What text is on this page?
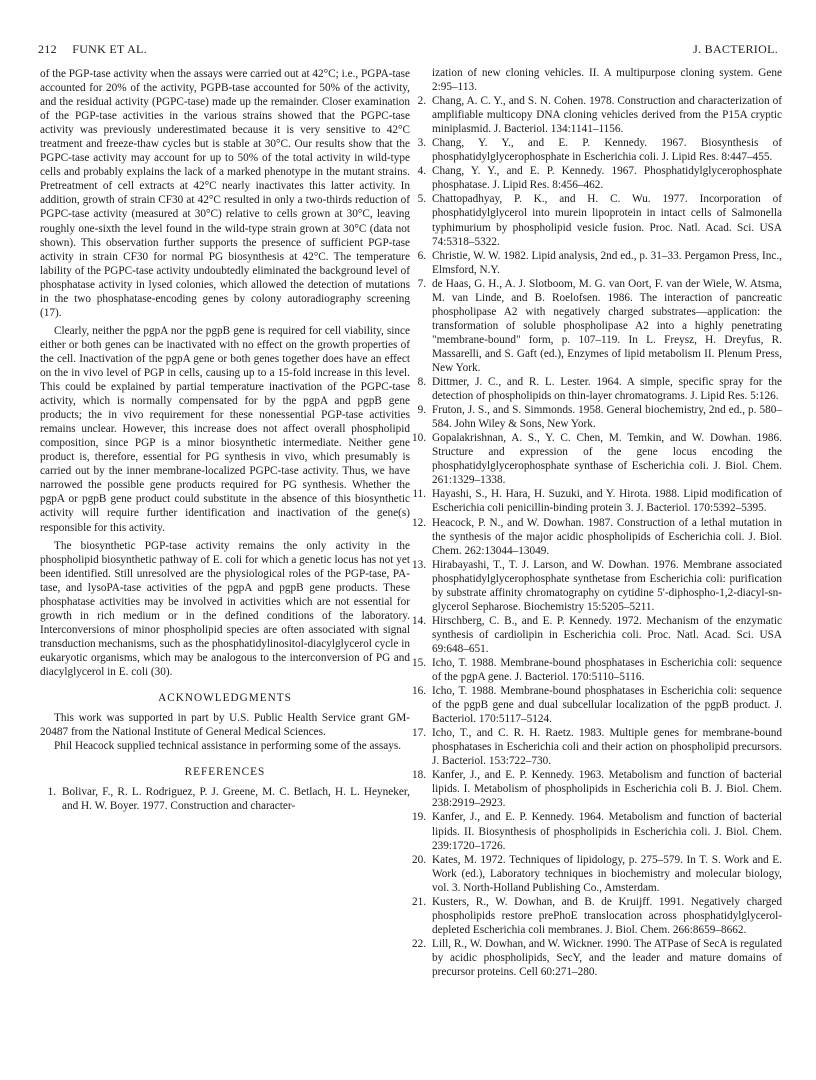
212 FUNK ET AL.	J. BACTERIOL.

of the PGP-tase activity when the assays were carried out at 42°C; i.e., PGPA-tase accounted for 20% of the activity, PGPB-tase accounted for 50% of the activity, and the residual activity (PGPC-tase) made up the remainder. Closer examination of the PGP-tase activities in the various strains showed that the PGPC-tase activity was previously underestimated because it is very sensitive to 42°C treatment and freeze-thaw cycles but is stable at 30°C. Our results show that the PGPC-tase activity may account for up to 50% of the total activity in wild-type cells and probably explains the lack of a marked phenotype in the mutant strains. Pretreatment of cell extracts at 42°C nearly inactivates this latter activity. In addition, growth of strain CF30 at 42°C resulted in only a two-thirds reduction of PGPC-tase activity (measured at 30°C) relative to cells grown at 30°C, leaving roughly one-sixth the level found in the wild-type strain grown at 30°C (data not shown). This observation further supports the presence of sufficient PGP-tase activity in strain CF30 for normal PG biosynthesis at 42°C. The temperature lability of the PGPC-tase activity undoubtedly eliminated the background level of phosphatase activity in lysed colonies, which allowed the detection of mutations in the two phosphatase-encoding genes by colony autoradiography screening (17).

Clearly, neither the pgpA nor the pgpB gene is required for cell viability, since either or both genes can be inactivated with no effect on the growth properties of the cell. Inactivation of the pgpA gene or both genes together does have an effect on the in vivo level of PGP in cells, causing up to a 15-fold increase in this level. This could be explained by partial temperature inactivation of the PGPC-tase activity, which is normally compensated for by the pgpA and pgpB gene products; the in vivo requirement for these nonessential PGP-tase activities remains unclear. However, this increase does not affect overall phospholipid composition, since PGP is a minor biosynthetic intermediate. Neither gene product is, therefore, essential for PG synthesis in vivo, which presumably is carried out by the inner membrane-localized PGPC-tase activity. Thus, we have narrowed the possible gene products required for PG synthesis. Whether the pgpA or pgpB gene product could substitute in the absence of this biosynthetic activity will require further identification and inactivation of the gene(s) responsible for this activity.

The biosynthetic PGP-tase activity remains the only activity in the phospholipid biosynthetic pathway of E. coli for which a genetic locus has not yet been identified. Still unresolved are the physiological roles of the PGP-tase, PA-tase, and lysoPA-tase activities of the pgpA and pgpB gene products. These phosphatase activities may be involved in activities which are not essential for growth in rich medium or in the defined conditions of the laboratory. Interconversions of minor phospholipid species are often associated with signal transduction mechanisms, such as the phosphatidylinositol-diacylglycerol cycle in eukaryotic organisms, which may be analogous to the interconversion of PG and diacylglycerol in E. coli (30).

ACKNOWLEDGMENTS

This work was supported in part by U.S. Public Health Service grant GM-20487 from the National Institute of General Medical Sciences.

Phil Heacock supplied technical assistance in performing some of the assays.

REFERENCES
1. Bolivar, F., R. L. Rodriguez, P. J. Greene, M. C. Betlach, H. L. Heyneker, and H. W. Boyer. 1977. Construction and character-

ization of new cloning vehicles. II. A multipurpose cloning system. Gene 2:95–113.

2. Chang, A. C. Y., and S. N. Cohen. 1978. Construction and characterization of amplifiable multicopy DNA cloning vehicles derived from the P15A cryptic miniplasmid. J. Bacteriol. 134:1141–1156.
3. Chang, Y. Y., and E. P. Kennedy. 1967. Biosynthesis of phosphatidylglycerophosphate in Escherichia coli. J. Lipid Res. 8:447–455.
4. Chang, Y. Y., and E. P. Kennedy. 1967. Phosphatidylglycerophosphate phosphatase. J. Lipid Res. 8:456–462.
5. Chattopadhyay, P. K., and H. C. Wu. 1977. Incorporation of phosphatidylglycerol into murein lipoprotein in intact cells of Salmonella typhimurium by phospholipid vesicle fusion. Proc. Natl. Acad. Sci. USA 74:5318–5322.
6. Christie, W. W. 1982. Lipid analysis, 2nd ed., p. 31–33. Pergamon Press, Inc., Elmsford, N.Y.
7. de Haas, G. H., A. J. Slotboom, M. G. van Oort, F. van der Wiele, W. Atsma, M. van Linde, and B. Roelofsen. 1986. The interaction of pancreatic phospholipase A2 with negatively charged substrates—application: the transformation of soluble phospholipase A2 into a highly penetrating "membrane-bound" form, p. 107–119. In L. Freysz, H. Dreyfus, R. Massarelli, and S. Gaft (ed.), Enzymes of lipid metabolism II. Plenum Press, New York.
8. Dittmer, J. C., and R. L. Lester. 1964. A simple, specific spray for the detection of phospholipids on thin-layer chromatograms. J. Lipid Res. 5:126.
9. Fruton, J. S., and S. Simmonds. 1958. General biochemistry, 2nd ed., p. 580–584. John Wiley & Sons, New York.
10. Gopalakrishnan, A. S., Y. C. Chen, M. Temkin, and W. Dowhan. 1986. Structure and expression of the gene locus encoding the phosphatidylglycerophosphate synthase of Escherichia coli. J. Biol. Chem. 261:1329–1338.
11. Hayashi, S., H. Hara, H. Suzuki, and Y. Hirota. 1988. Lipid modification of Escherichia coli penicillin-binding protein 3. J. Bacteriol. 170:5392–5395.
12. Heacock, P. N., and W. Dowhan. 1987. Construction of a lethal mutation in the synthesis of the major acidic phospholipids of Escherichia coli. J. Biol. Chem. 262:13044–13049.
13. Hirabayashi, T., T. J. Larson, and W. Dowhan. 1976. Membrane associated phosphatidylglycerophosphate synthetase from Escherichia coli: purification by substrate affinity chromatography on cytidine 5'-diphospho-1,2-diacyl-sn-glycerol Sepharose. Biochemistry 15:5205–5211.
14. Hirschberg, C. B., and E. P. Kennedy. 1972. Mechanism of the enzymatic synthesis of cardiolipin in Escherichia coli. Proc. Natl. Acad. Sci. USA 69:648–651.
15. Icho, T. 1988. Membrane-bound phosphatases in Escherichia coli: sequence of the pgpA gene. J. Bacteriol. 170:5110–5116.
16. Icho, T. 1988. Membrane-bound phosphatases in Escherichia coli: sequence of the pgpB gene and dual subcellular localization of the pgpB product. J. Bacteriol. 170:5117–5124.
17. Icho, T., and C. R. H. Raetz. 1983. Multiple genes for membrane-bound phosphatases in Escherichia coli and their action on phospholipid precursors. J. Bacteriol. 153:722–730.
18. Kanfer, J., and E. P. Kennedy. 1963. Metabolism and function of bacterial lipids. I. Metabolism of phospholipids in Escherichia coli B. J. Biol. Chem. 238:2919–2923.
19. Kanfer, J., and E. P. Kennedy. 1964. Metabolism and function of bacterial lipids. II. Biosynthesis of phospholipids in Escherichia coli. J. Biol. Chem. 239:1720–1726.
20. Kates, M. 1972. Techniques of lipidology, p. 275–579. In T. S. Work and E. Work (ed.), Laboratory techniques in biochemistry and molecular biology, vol. 3. North-Holland Publishing Co., Amsterdam.
21. Kusters, R., W. Dowhan, and B. de Kruijff. 1991. Negatively charged phospholipids restore prePhoE translocation across phosphatidylglycerol-depleted Escherichia coli membranes. J. Biol. Chem. 266:8659–8662.
22. Lill, R., W. Dowhan, and W. Wickner. 1990. The ATPase of SecA is regulated by acidic phospholipids, SecY, and the leader and mature domains of precursor proteins. Cell 60:271–280.
